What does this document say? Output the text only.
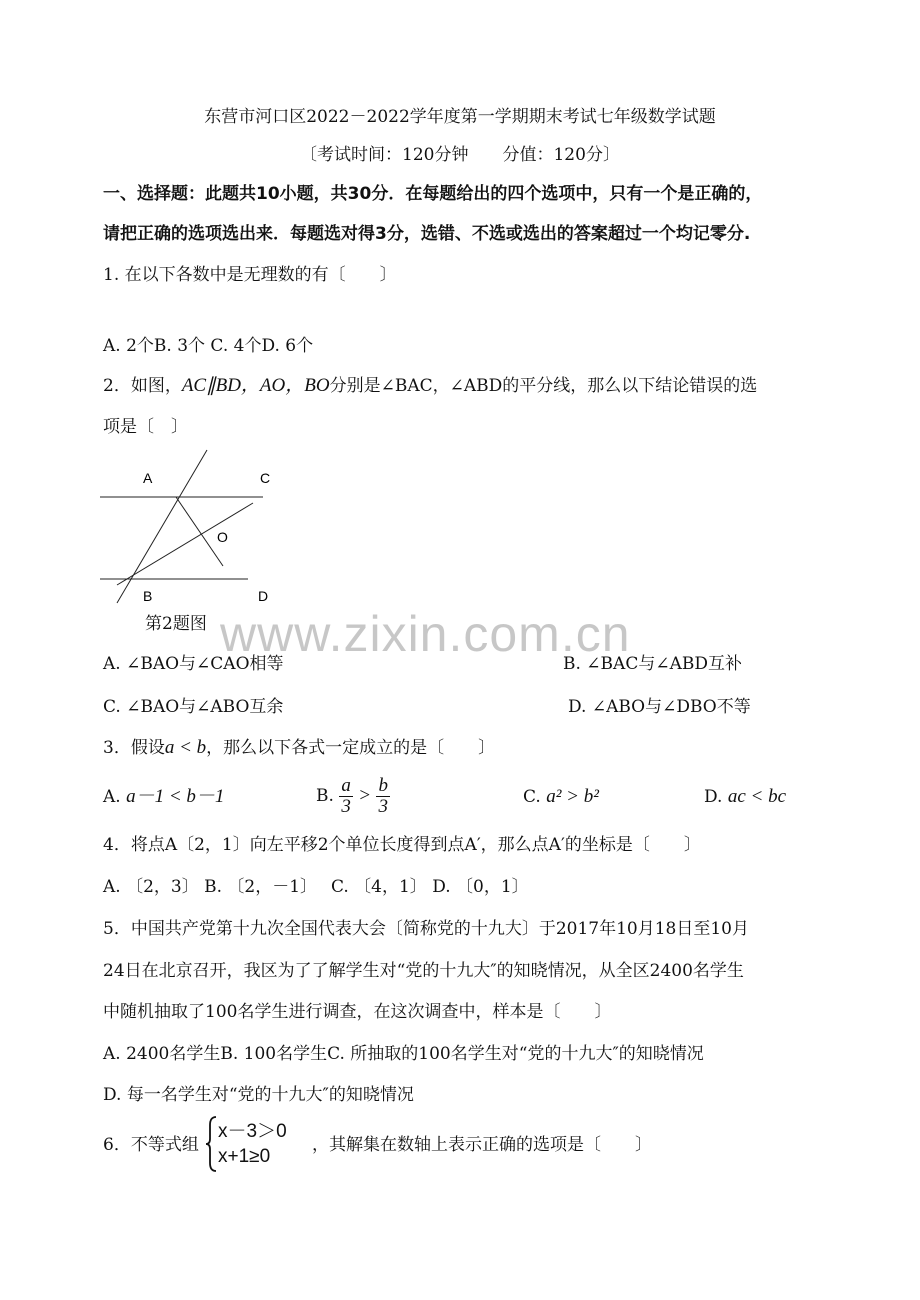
东营市河口区2022－2022学年度第一学期期末考试七年级数学试题
〔考试时间：120分钟　　分值：120分〕
一、选择题：此题共10小题，共30分．在每题给出的四个选项中，只有一个是正确的，
请把正确的选项选出来．每题选对得3分，选错、不选或选出的答案超过一个均记零分.
1. 在以下各数中是无理数的有〔　　〕
A. 2个B. 3个 C. 4个D. 6个
2．如图，AC∥BD，AO，BO分别是∠BAC，∠ABD的平分线，那么以下结论错误的选
项是〔　〕
A	C
O
B	D
第2题图 www.zixin.com.cn
A. ∠BAO与∠CAO相等	B. ∠BAC与∠ABD互补
C. ∠BAO与∠ABO互余	D. ∠ABO与∠DBO不等
3．假设a < b，那么以下各式一定成立的是〔　　〕
A. a－1 < b－1	B. $\frac{a}{3} > \frac{b}{3}$	C. a² > b²	D. ac < bc
4．将点A〔2，1〕向左平移2个单位长度得到点A′，那么点A′的坐标是〔　　〕
A. 〔2，3〕 B. 〔2，－1〕　 C. 〔4，1〕 D. 〔0，1〕
5．中国共产党第十九次全国代表大会〔简称党的十九大〕于2017年10月18日至10月
24日在北京召开，我区为了了解学生对“党的十九大″的知晓情况，从全区2400名学生
中随机抽取了100名学生进行调查，在这次调查中，样本是〔　　〕
A. 2400名学生B. 100名学生C. 所抽取的100名学生对“党的十九大″的知晓情况
D. 每一名学生对“党的十九大″的知晓情况
6．不等式组
x－3＞0
x+1≥0
，其解集在数轴上表示正确的选项是〔　　〕
